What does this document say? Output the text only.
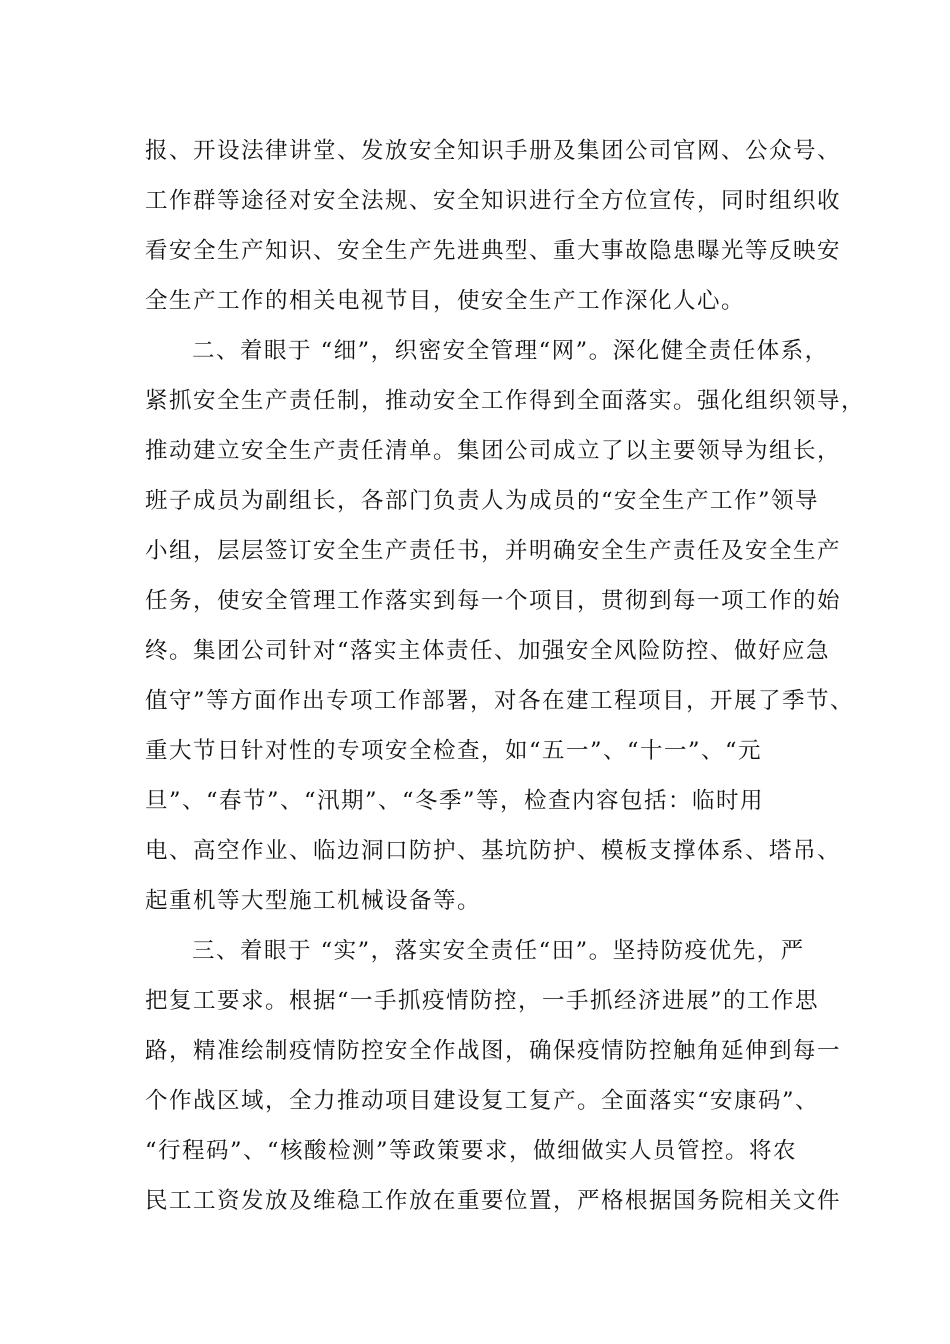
报、开设法律讲堂、发放安全知识手册及集团公司官网、公众号、
工作群等途径对安全法规、安全知识进行全方位宣传，同时组织收
看安全生产知识、安全生产先进典型、重大事故隐患曝光等反映安
全生产工作的相关电视节目，使安全生产工作深化人心。
二、着眼于 “细”，织密安全管理“网”。深化健全责任体系，
紧抓安全生产责任制，推动安全工作得到全面落实。强化组织领导，
推动建立安全生产责任清单。集团公司成立了以主要领导为组长，
班子成员为副组长，各部门负责人为成员的“安全生产工作”领导
小组，层层签订安全生产责任书，并明确安全生产责任及安全生产
任务，使安全管理工作落实到每一个项目，贯彻到每一项工作的始
终。集团公司针对“落实主体责任、加强安全风险防控、做好应急
值守”等方面作出专项工作部署，对各在建工程项目，开展了季节、
重大节日针对性的专项安全检查，如“五一”、“十一”、“元
旦”、“春节”、“汛期”、“冬季”等，检查内容包括：临时用
电、高空作业、临边洞口防护、基坑防护、模板支撑体系、塔吊、
起重机等大型施工机械设备等。
三、着眼于 “实”，落实安全责任“田”。坚持防疫优先，严
把复工要求。根据“一手抓疫情防控，一手抓经济进展”的工作思
路，精准绘制疫情防控安全作战图，确保疫情防控触角延伸到每一
个作战区域，全力推动项目建设复工复产。全面落实“安康码”、
“行程码”、“核酸检测”等政策要求，做细做实人员管控。将农
民工工资发放及维稳工作放在重要位置，严格根据国务院相关文件
